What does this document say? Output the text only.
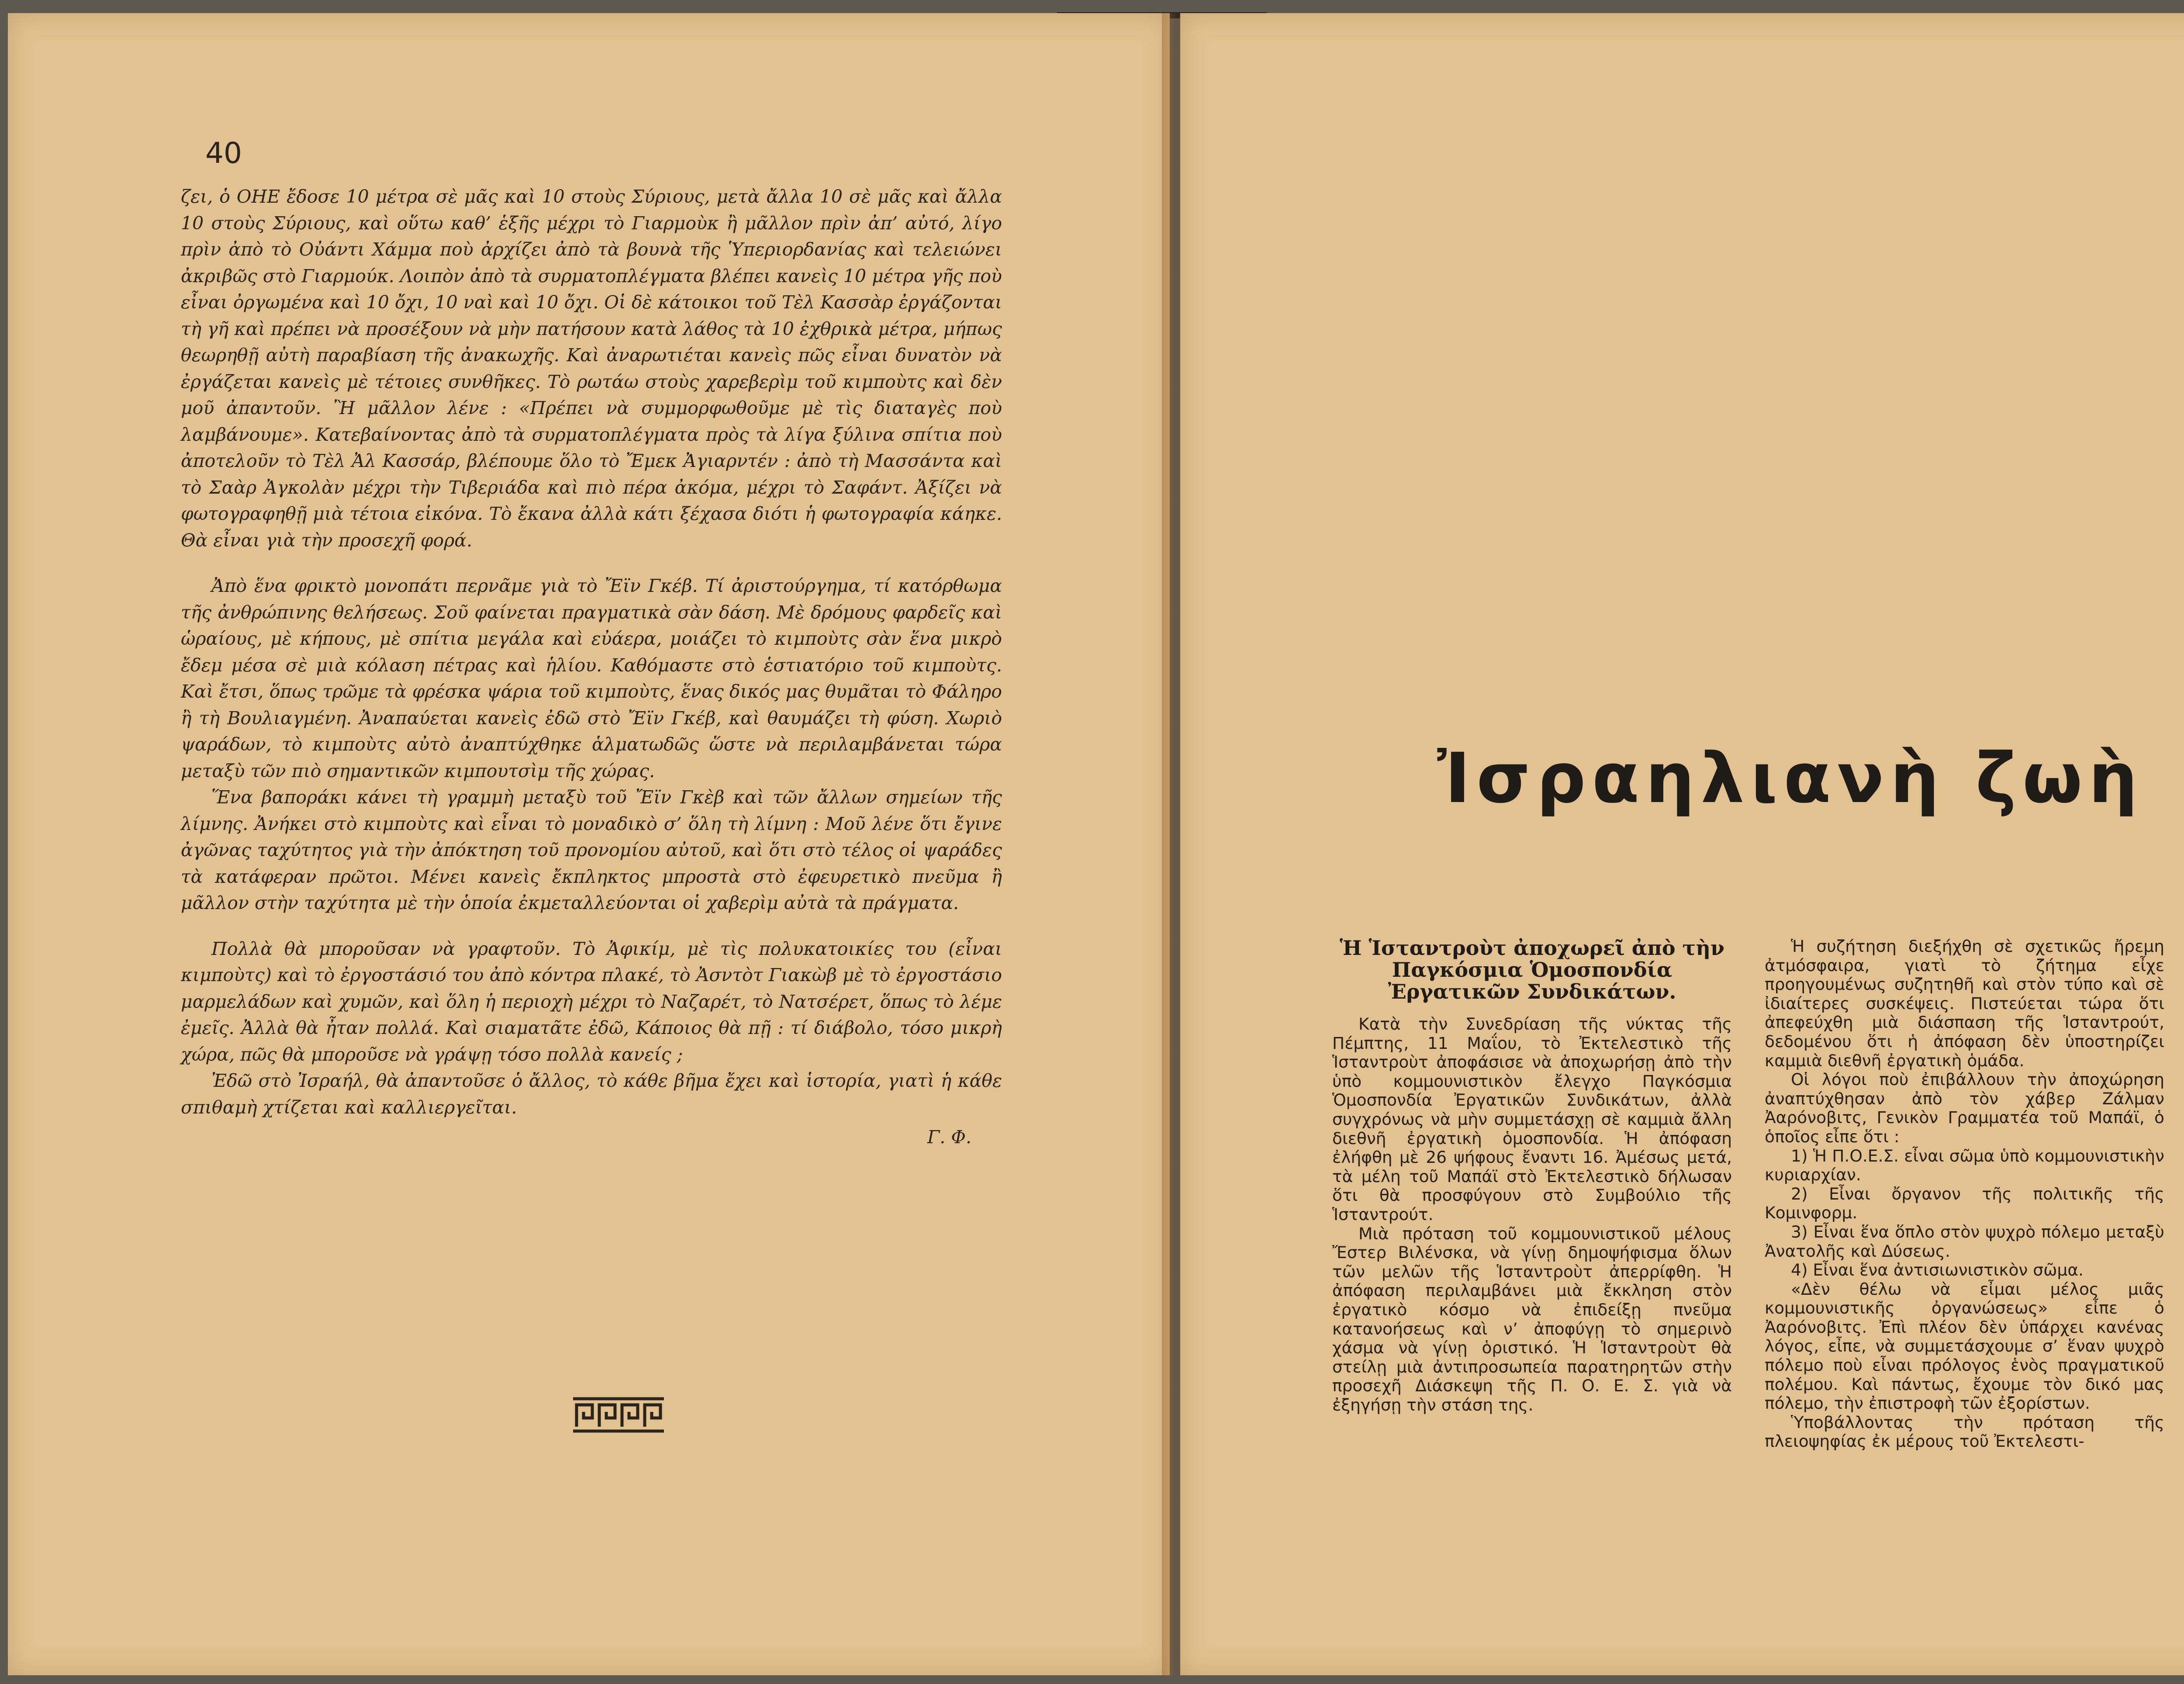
40

ζει, ὁ ΟΗΕ ἔδοσε 10 μέτρα σὲ μᾶς καὶ 10 στοὺς Σύριους, μετὰ ἄλλα 10 σὲ μᾶς καὶ ἄλλα 10 στοὺς Σύριους, καὶ οὕτω καθ’ ἑξῆς μέχρι τὸ Γιαρμοὺκ ἢ μᾶλλον πρὶν ἀπ’ αὐτό, λίγο πρὶν ἀπὸ τὸ Οὐάντι Χάμμα ποὺ ἀρχίζει ἀπὸ τὰ βουνὰ τῆς Ὑπεριορδανίας καὶ τελειώνει ἀκριβῶς στὸ Γιαρμούκ. Λοιπὸν ἀπὸ τὰ συρματοπλέγματα βλέπει κανεὶς 10 μέτρα γῆς ποὺ εἶναι ὀργωμένα καὶ 10 ὄχι, 10 ναὶ καὶ 10 ὄχι. Οἱ δὲ κάτοικοι τοῦ Τὲλ Κασσὰρ ἐργάζονται τὴ γῆ καὶ πρέπει νὰ προσέξουν νὰ μὴν πατήσουν κατὰ λάθος τὰ 10 ἐχθρικὰ μέτρα, μήπως θεωρηθῇ αὐτὴ παραβίαση τῆς ἀνακωχῆς. Καὶ ἀναρωτιέται κανεὶς πῶς εἶναι δυνατὸν νὰ ἐργάζεται κανεὶς μὲ τέτοιες συνθῆκες. Τὸ ρωτάω στοὺς χαρεβερὶμ τοῦ κιμποὺτς καὶ δὲν μοῦ ἀπαντοῦν. Ἢ μᾶλλον λένε : «Πρέπει νὰ συμμορφωθοῦμε μὲ τὶς διαταγὲς ποὺ λαμβάνουμε». Κατεβαίνοντας ἀπὸ τὰ συρματοπλέγματα πρὸς τὰ λίγα ξύλινα σπίτια ποὺ ἀποτελοῦν τὸ Τὲλ Ἀλ Κασσάρ, βλέπουμε ὅλο τὸ Ἔμεκ Ἀγιαρντέν : ἀπὸ τὴ Μασσάντα καὶ τὸ Σαὰρ Ἀγκολὰν μέχρι τὴν Τιβεριάδα καὶ πιὸ πέρα ἀκόμα, μέχρι τὸ Σαφάντ. Ἀξίζει νὰ φωτογραφηθῇ μιὰ τέτοια εἰκόνα. Τὸ ἔκανα ἀλλὰ κάτι ξέχασα διότι ἡ φωτογραφία κάηκε. Θὰ εἶναι γιὰ τὴν προσεχῆ φορά.

Ἀπὸ ἕνα φρικτὸ μονοπάτι περνᾶμε γιὰ τὸ Ἔϊν Γκέβ. Τί ἀριστούργημα, τί κατόρθωμα τῆς ἀνθρώπινης θελήσεως. Σοῦ φαίνεται πραγματικὰ σὰν δάση. Μὲ δρόμους φαρδεῖς καὶ ὡραίους, μὲ κήπους, μὲ σπίτια μεγάλα καὶ εὐάερα, μοιάζει τὸ κιμποὺτς σὰν ἕνα μικρὸ ἔδεμ μέσα σὲ μιὰ κόλαση πέτρας καὶ ἡλίου. Καθόμαστε στὸ ἑστιατόριο τοῦ κιμποὺτς. Καὶ ἔτσι, ὅπως τρῶμε τὰ φρέσκα ψάρια τοῦ κιμποὺτς, ἕνας δικός μας θυμᾶται τὸ Φάληρο ἢ τὴ Βουλιαγμένη. Ἀναπαύεται κανεὶς ἐδῶ στὸ Ἔϊν Γκέβ, καὶ θαυμάζει τὴ φύση. Χωριὸ ψαράδων, τὸ κιμποὺτς αὐτὸ ἀναπτύχθηκε ἁλματωδῶς ὥστε νὰ περιλαμβάνεται τώρα μεταξὺ τῶν πιὸ σημαντικῶν κιμπουτσὶμ τῆς χώρας.

Ἕνα βαποράκι κάνει τὴ γραμμὴ μεταξὺ τοῦ Ἔϊν Γκὲβ καὶ τῶν ἄλλων σημείων τῆς λίμνης. Ἀνήκει στὸ κιμποὺτς καὶ εἶναι τὸ μοναδικὸ σ’ ὅλη τὴ λίμνη : Μοῦ λένε ὅτι ἔγινε ἀγῶνας ταχύτητος γιὰ τὴν ἀπόκτηση τοῦ προνομίου αὐτοῦ, καὶ ὅτι στὸ τέλος οἱ ψαράδες τὰ κατάφεραν πρῶτοι. Μένει κανεὶς ἔκπληκτος μπροστὰ στὸ ἐφευρετικὸ πνεῦμα ἢ μᾶλλον στὴν ταχύτητα μὲ τὴν ὁποία ἐκμεταλλεύονται οἱ χαβερὶμ αὐτὰ τὰ πράγματα.

Πολλὰ θὰ μποροῦσαν νὰ γραφτοῦν. Τὸ Ἀφικίμ, μὲ τὶς πολυκατοικίες του (εἶναι κιμποὺτς) καὶ τὸ ἐργοστάσιό του ἀπὸ κόντρα πλακέ, τὸ Ἀσντὸτ Γιακὼβ μὲ τὸ ἐργοστάσιο μαρμελάδων καὶ χυμῶν, καὶ ὅλη ἡ περιοχὴ μέχρι τὸ Ναζαρέτ, τὸ Νατσέρετ, ὅπως τὸ λέμε ἐμεῖς. Ἀλλὰ θὰ ἦταν πολλά. Καὶ σιαματᾶτε ἐδῶ, Κάποιος θὰ πῇ : τί διάβολο, τόσο μικρὴ χώρα, πῶς θὰ μποροῦσε νὰ γράψῃ τόσο πολλὰ κανείς ;

Ἐδῶ στὸ Ἰσραήλ, θὰ ἀπαντοῦσε ὁ ἄλλος, τὸ κάθε βῆμα ἔχει καὶ ἱστορία, γιατὶ ἡ κάθε σπιθαμὴ χτίζεται καὶ καλλιεργεῖται.

Γ. Φ.

Ἰσραηλιανὴ ζωὴ

Ἡ Ἱσταντροὺτ ἀποχωρεῖ ἀπὸ τὴν Παγκόσμια Ὁμοσπονδία Ἐργατικῶν Συνδικάτων.

Κατὰ τὴν Συνεδρίαση τῆς νύκτας τῆς Πέμπτης, 11 Μαΐου, τὸ Ἐκτελεστικὸ τῆς Ἱσταντροὺτ ἀποφάσισε νὰ ἀποχωρήσῃ ἀπὸ τὴν ὑπὸ κομμουνιστικὸν ἔλεγχο Παγκόσμια Ὁμοσπονδία Ἐργατικῶν Συνδικάτων, ἀλλὰ συγχρόνως νὰ μὴν συμμετάσχῃ σὲ καμμιὰ ἄλλη διεθνῆ ἐργατικὴ ὁμοσπονδία. Ἡ ἀπόφαση ἐλήφθη μὲ 26 ψήφους ἔναντι 16. Ἀμέσως μετά, τὰ μέλη τοῦ Μαπάϊ στὸ Ἐκτελεστικὸ δήλωσαν ὅτι θὰ προσφύγουν στὸ Συμβούλιο τῆς Ἱσταντρούτ.

Μιὰ πρόταση τοῦ κομμουνιστικοῦ μέλους Ἔστερ Βιλένσκα, νὰ γίνῃ δημοψήφισμα ὅλων τῶν μελῶν τῆς Ἱσταντροὺτ ἀπερρίφθη. Ἡ ἀπόφαση περιλαμβάνει μιὰ ἔκκληση στὸν ἐργατικὸ κόσμο νὰ ἐπιδείξῃ πνεῦμα κατανοήσεως καὶ ν’ ἀποφύγῃ τὸ σημερινὸ χάσμα νὰ γίνῃ ὁριστικό. Ἡ Ἱσταντροὺτ θὰ στείλῃ μιὰ ἀντιπροσωπεία παρατηρητῶν στὴν προσεχῆ Διάσκεψη τῆς Π. Ο. Ε. Σ. γιὰ νὰ ἐξηγήσῃ τὴν στάση της.

Ἡ συζήτηση διεξήχθη σὲ σχετικῶς ἤρεμη ἀτμόσφαιρα, γιατὶ τὸ ζήτημα εἶχε προηγουμένως συζητηθῆ καὶ στὸν τύπο καὶ σὲ ἰδιαίτερες συσκέψεις. Πιστεύεται τώρα ὅτι ἀπεφεύχθη μιὰ διάσπαση τῆς Ἱσταντρούτ, δεδομένου ὅτι ἡ ἀπόφαση δὲν ὑποστηρίζει καμμιὰ διεθνῆ ἐργατικὴ ὁμάδα.

Οἱ λόγοι ποὺ ἐπιβάλλουν τὴν ἀποχώρηση ἀναπτύχθησαν ἀπὸ τὸν χάβερ Ζάλμαν Ἀαρόνοβιτς, Γενικὸν Γραμματέα τοῦ Μαπάϊ, ὁ ὁποῖος εἶπε ὅτι :

1) Ἡ Π.Ο.Ε.Σ. εἶναι σῶμα ὑπὸ κομμουνιστικὴν κυριαρχίαν.

2) Εἶναι ὄργανον τῆς πολιτικῆς τῆς Κομινφορμ.

3) Εἶναι ἕνα ὅπλο στὸν ψυχρὸ πόλεμο μεταξὺ Ἀνατολῆς καὶ Δύσεως.

4) Εἶναι ἕνα ἀντισιωνιστικὸν σῶμα.

«Δὲν θέλω νὰ εἶμαι μέλος μιᾶς κομμουνιστικῆς ὀργανώσεως» εἶπε ὁ Ἀαρόνοβιτς. Ἐπὶ πλέον δὲν ὑπάρχει κανένας λόγος, εἶπε, νὰ συμμετάσχουμε σ’ ἕναν ψυχρὸ πόλεμο ποὺ εἶναι πρόλογος ἑνὸς πραγματικοῦ πολέμου. Καὶ πάντως, ἔχουμε τὸν δικό μας πόλεμο, τὴν ἐπιστροφὴ τῶν ἐξορίστων.

Ὑποβάλλοντας τὴν πρόταση τῆς πλειοψηφίας ἐκ μέρους τοῦ Ἐκτελεστι-
